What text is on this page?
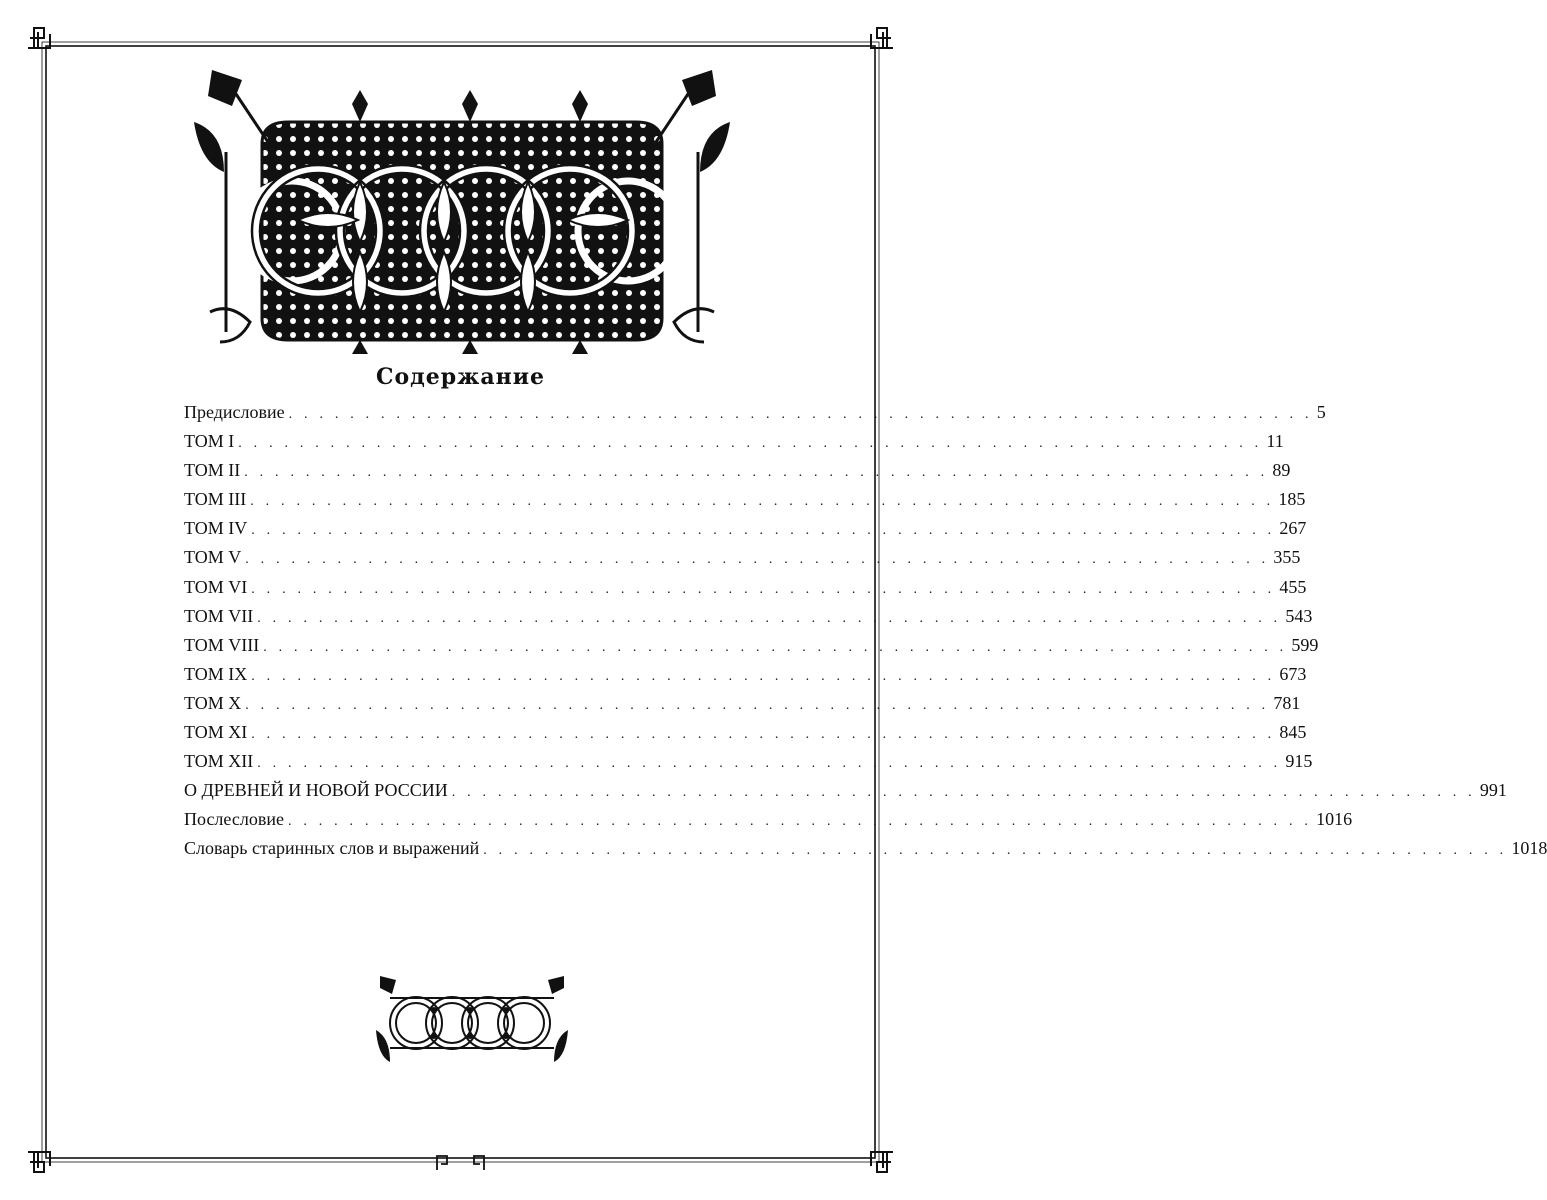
Содержание
Предисловие . . . . . . . . . . . . . . . . . . . . . . . . . . . . . . . . . . . . . . . . . . . . . . . . . . . . . . . . . . . . . . . . . . . 5
ТОМ I . . . . . . . . . . . . . . . . . . . . . . . . . . . . . . . . . . . . . . . . . . . . . . . . . . . . . . . . . . . . . . . . . . . 11
ТОМ II . . . . . . . . . . . . . . . . . . . . . . . . . . . . . . . . . . . . . . . . . . . . . . . . . . . . . . . . . . . . . . . . . . . 89
ТОМ III . . . . . . . . . . . . . . . . . . . . . . . . . . . . . . . . . . . . . . . . . . . . . . . . . . . . . . . . . . . . . . . . . . . 185
ТОМ IV . . . . . . . . . . . . . . . . . . . . . . . . . . . . . . . . . . . . . . . . . . . . . . . . . . . . . . . . . . . . . . . . . . . 267
ТОМ V . . . . . . . . . . . . . . . . . . . . . . . . . . . . . . . . . . . . . . . . . . . . . . . . . . . . . . . . . . . . . . . . . . . 355
ТОМ VI . . . . . . . . . . . . . . . . . . . . . . . . . . . . . . . . . . . . . . . . . . . . . . . . . . . . . . . . . . . . . . . . . . . 455
ТОМ VII . . . . . . . . . . . . . . . . . . . . . . . . . . . . . . . . . . . . . . . . . . . . . . . . . . . . . . . . . . . . . . . . . . . 543
ТОМ VIII . . . . . . . . . . . . . . . . . . . . . . . . . . . . . . . . . . . . . . . . . . . . . . . . . . . . . . . . . . . . . . . . . . . 599
ТОМ IX . . . . . . . . . . . . . . . . . . . . . . . . . . . . . . . . . . . . . . . . . . . . . . . . . . . . . . . . . . . . . . . . . . . 673
ТОМ X . . . . . . . . . . . . . . . . . . . . . . . . . . . . . . . . . . . . . . . . . . . . . . . . . . . . . . . . . . . . . . . . . . . 781
ТОМ XI . . . . . . . . . . . . . . . . . . . . . . . . . . . . . . . . . . . . . . . . . . . . . . . . . . . . . . . . . . . . . . . . . . . 845
ТОМ XII . . . . . . . . . . . . . . . . . . . . . . . . . . . . . . . . . . . . . . . . . . . . . . . . . . . . . . . . . . . . . . . . . . . 915
О ДРЕВНЕЙ И НОВОЙ РОССИИ . . . . . . . . . . . . . . . . . . . . . . . . . . . . . . . . . . . . . . . . . . . . . . . . . . . . . . . . . . . . . . . . . . . 991
Послесловие . . . . . . . . . . . . . . . . . . . . . . . . . . . . . . . . . . . . . . . . . . . . . . . . . . . . . . . . . . . . . . . . . . . 1016
Словарь старинных слов и выражений . . . . . . . . . . . . . . . . . . . . . . . . . . . . . . . . . . . . . . . . . . . . . . . . . . . . . . . . . . . . . . . . . . . 1018
